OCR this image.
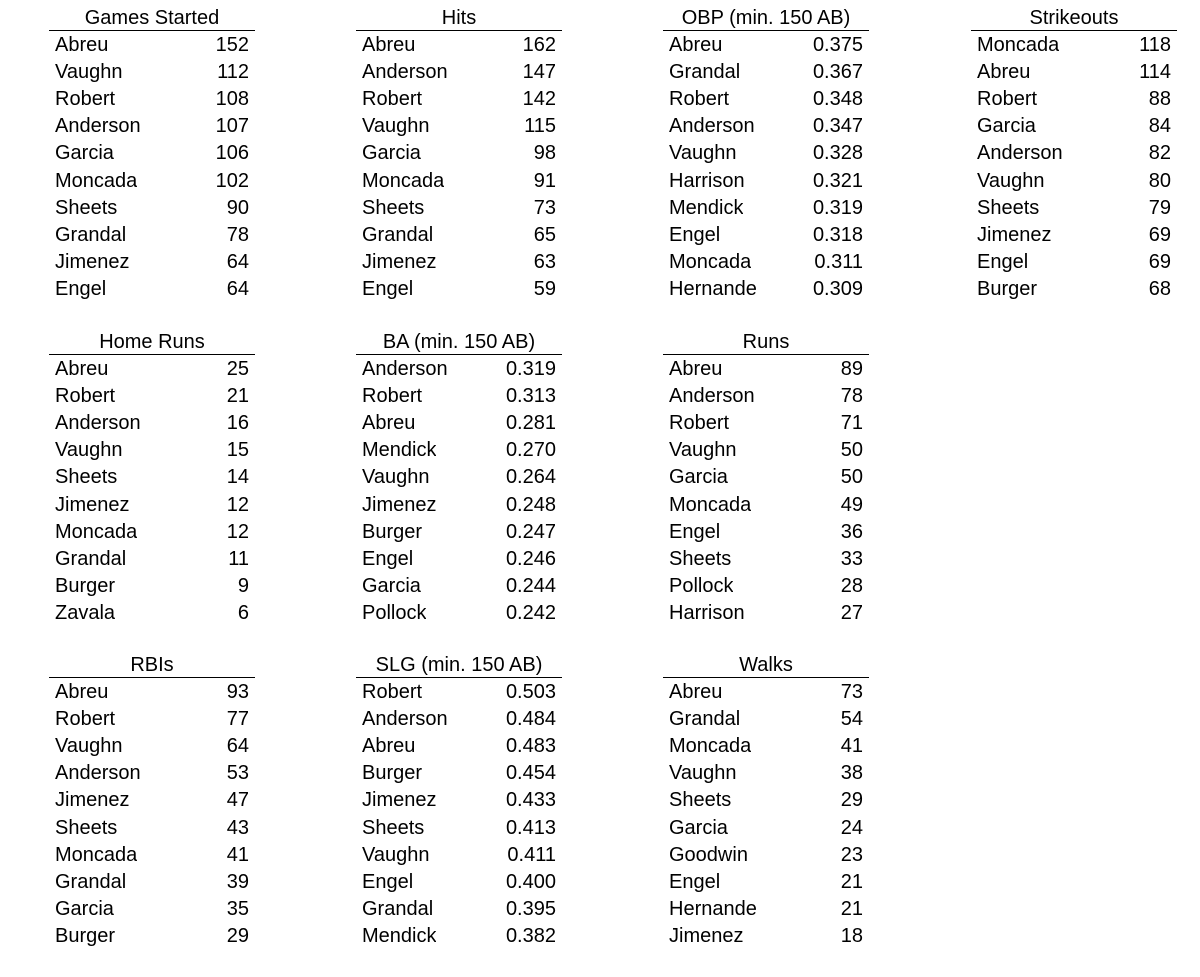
Games Started
Abreu	152
Vaughn	112
Robert	108
Anderson	107
Garcia	106
Moncada	102
Sheets	90
Grandal	78
Jimenez	64
Engel	64
Hits
Abreu	162
Anderson	147
Robert	142
Vaughn	115
Garcia	98
Moncada	91
Sheets	73
Grandal	65
Jimenez	63
Engel	59
OBP (min. 150 AB)
Abreu	0.375
Grandal	0.367
Robert	0.348
Anderson	0.347
Vaughn	0.328
Harrison	0.321
Mendick	0.319
Engel	0.318
Moncada	0.311
Hernande	0.309
Strikeouts
Moncada	118
Abreu	114
Robert	88
Garcia	84
Anderson	82
Vaughn	80
Sheets	79
Jimenez	69
Engel	69
Burger	68
Home Runs
Abreu	25
Robert	21
Anderson	16
Vaughn	15
Sheets	14
Jimenez	12
Moncada	12
Grandal	11
Burger	9
Zavala	6
BA (min. 150 AB)
Anderson	0.319
Robert	0.313
Abreu	0.281
Mendick	0.270
Vaughn	0.264
Jimenez	0.248
Burger	0.247
Engel	0.246
Garcia	0.244
Pollock	0.242
Runs
Abreu	89
Anderson	78
Robert	71
Vaughn	50
Garcia	50
Moncada	49
Engel	36
Sheets	33
Pollock	28
Harrison	27
RBIs
Abreu	93
Robert	77
Vaughn	64
Anderson	53
Jimenez	47
Sheets	43
Moncada	41
Grandal	39
Garcia	35
Burger	29
SLG (min. 150 AB)
Robert	0.503
Anderson	0.484
Abreu	0.483
Burger	0.454
Jimenez	0.433
Sheets	0.413
Vaughn	0.411
Engel	0.400
Grandal	0.395
Mendick	0.382
Walks
Abreu	73
Grandal	54
Moncada	41
Vaughn	38
Sheets	29
Garcia	24
Goodwin	23
Engel	21
Hernande	21
Jimenez	18
